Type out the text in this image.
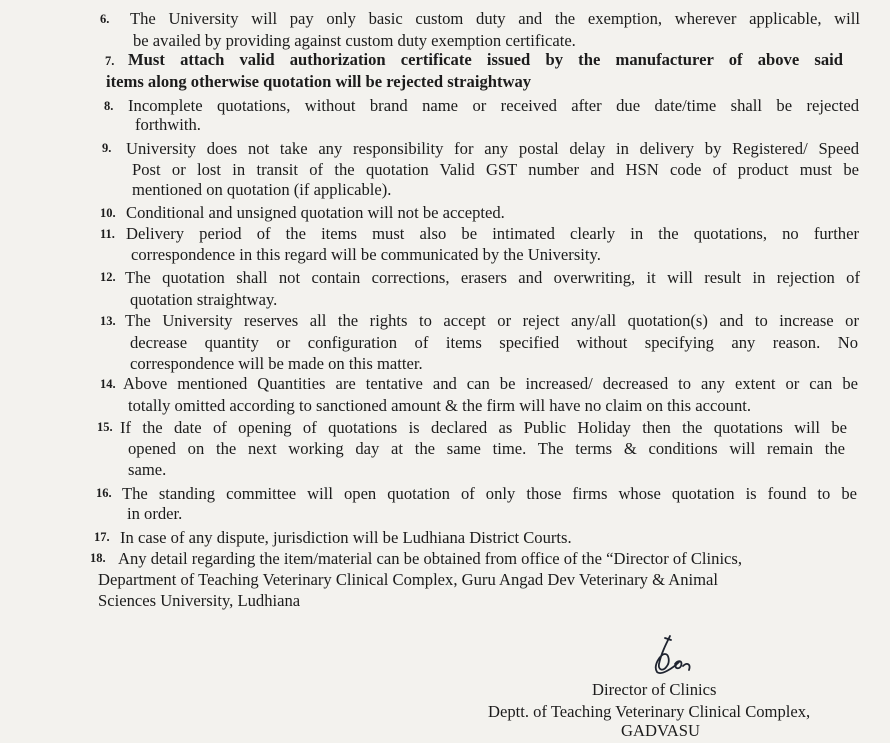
6. The University will pay only basic custom duty and the exemption, wherever applicable, will
be availed by providing against custom duty exemption certificate.
7. Must attach valid authorization certificate issued by the manufacturer of above said
items along otherwise quotation will be rejected straightway
8. Incomplete quotations, without brand name or received after due date/time shall be rejected
forthwith.
9. University does not take any responsibility for any postal delay in delivery by Registered/ Speed
Post or lost in transit of the quotation Valid GST number and HSN code of product must be
mentioned on quotation (if applicable).
10. Conditional and unsigned quotation will not be accepted.
11. Delivery period of the items must also be intimated clearly in the quotations, no further
correspondence in this regard will be communicated by the University.
12. The quotation shall not contain corrections, erasers and overwriting, it will result in rejection of
quotation straightway.
13. The University reserves all the rights to accept or reject any/all quotation(s) and to increase or
decrease quantity or configuration of items specified without specifying any reason. No
correspondence will be made on this matter.
14. Above mentioned Quantities are tentative and can be increased/ decreased to any extent or can be
totally omitted according to sanctioned amount & the firm will have no claim on this account.
15. If the date of opening of quotations is declared as Public Holiday then the quotations will be
opened on the next working day at the same time. The terms & conditions will remain the
same.
16. The standing committee will open quotation of only those firms whose quotation is found to be
in order.
17. In case of any dispute, jurisdiction will be Ludhiana District Courts.
18. Any detail regarding the item/material can be obtained from office of the “Director of Clinics,
Department of Teaching Veterinary Clinical Complex, Guru Angad Dev Veterinary & Animal
Sciences University, Ludhiana
Director of Clinics
Deptt. of Teaching Veterinary Clinical Complex,
GADVASU
